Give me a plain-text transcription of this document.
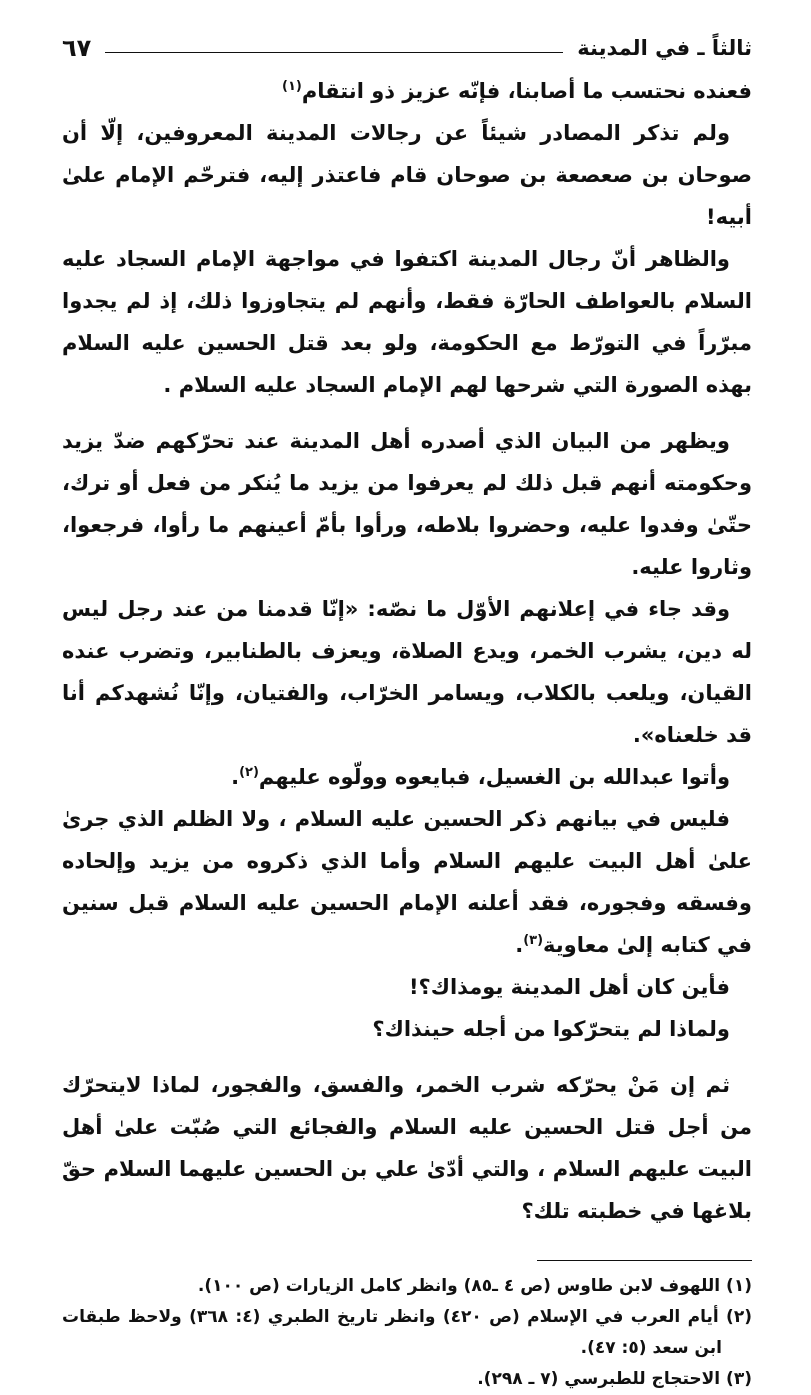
ثالثاً ـ في المدينة
٦٧

فعنده نحتسب ما أصابنا، فإنّه عزيز ذو انتقام$^{(١)}$

ولم تذكر المصادر شيئاً عن رجالات المدينة المعروفين، إلّا أن صوحان بن صعصعة بن صوحان قام فاعتذر إليه، فترحّم الإمام علىٰ أبيه!

والظاهر أنّ رجال المدينة اكتفوا في مواجهة الإمام السجاد عليه السلام بالعواطف الحارّة فقط، وأنهم لم يتجاوزوا ذلك، إذ لم يجدوا مبرّراً في التورّط مع الحكومة، ولو بعد قتل الحسين عليه السلام بهذه الصورة التي شرحها لهم الإمام السجاد عليه السلام .

ويظهر من البيان الذي أصدره أهل المدينة عند تحرّكهم ضدّ يزيد وحكومته أنهم قبل ذلك لم يعرفوا من يزيد ما يُنكر من فعل أو ترك، حتّىٰ وفدوا عليه، وحضروا بلاطه، ورأوا بأمّ أعينهم ما رأوا، فرجعوا، وثاروا عليه.

وقد جاء في إعلانهم الأوّل ما نصّه: «إنّا قدمنا من عند رجل ليس له دين، يشرب الخمر، ويدع الصلاة، ويعزف بالطنابير، وتضرب عنده القيان، ويلعب بالكلاب، ويسامر الخرّاب، والفتيان، وإنّا نُشهدكم أنا قد خلعناه».

وأتوا عبدالله بن الغسيل، فبايعوه وولّوه عليهم$^{(٢)}$.

فليس في بيانهم ذكر الحسين عليه السلام ، ولا الظلم الذي جرىٰ علىٰ أهل البيت عليهم السلام وأما الذي ذكروه من يزيد وإلحاده وفسقه وفجوره، فقد أعلنه الإمام الحسين عليه السلام قبل سنين في كتابه إلىٰ معاوية$^{(٣)}$.

فأين كان أهل المدينة يومذاك؟!

ولماذا لم يتحرّكوا من أجله حينذاك؟

ثم إن مَنْ يحرّكه شرب الخمر، والفسق، والفجور، لماذا لايتحرّك من أجل قتل الحسين عليه السلام والفجائع التي صُبّت علىٰ أهل البيت عليهم السلام ، والتي أدّىٰ علي بن الحسين عليهما السلام حقّ بلاغها في خطبته تلك؟

(١) اللهوف لابن طاوس (ص ٤ ـ٨٥) وانظر كامل الزيارات (ص ١٠٠).

(٢) أيام العرب في الإسلام (ص ٤٢٠) وانظر تاريخ الطبري (٤: ٣٦٨) ولاحظ طبقات ابن سعد (٥: ٤٧).

(٣) الاحتجاج للطبرسي (٧ ـ ٢٩٨).
